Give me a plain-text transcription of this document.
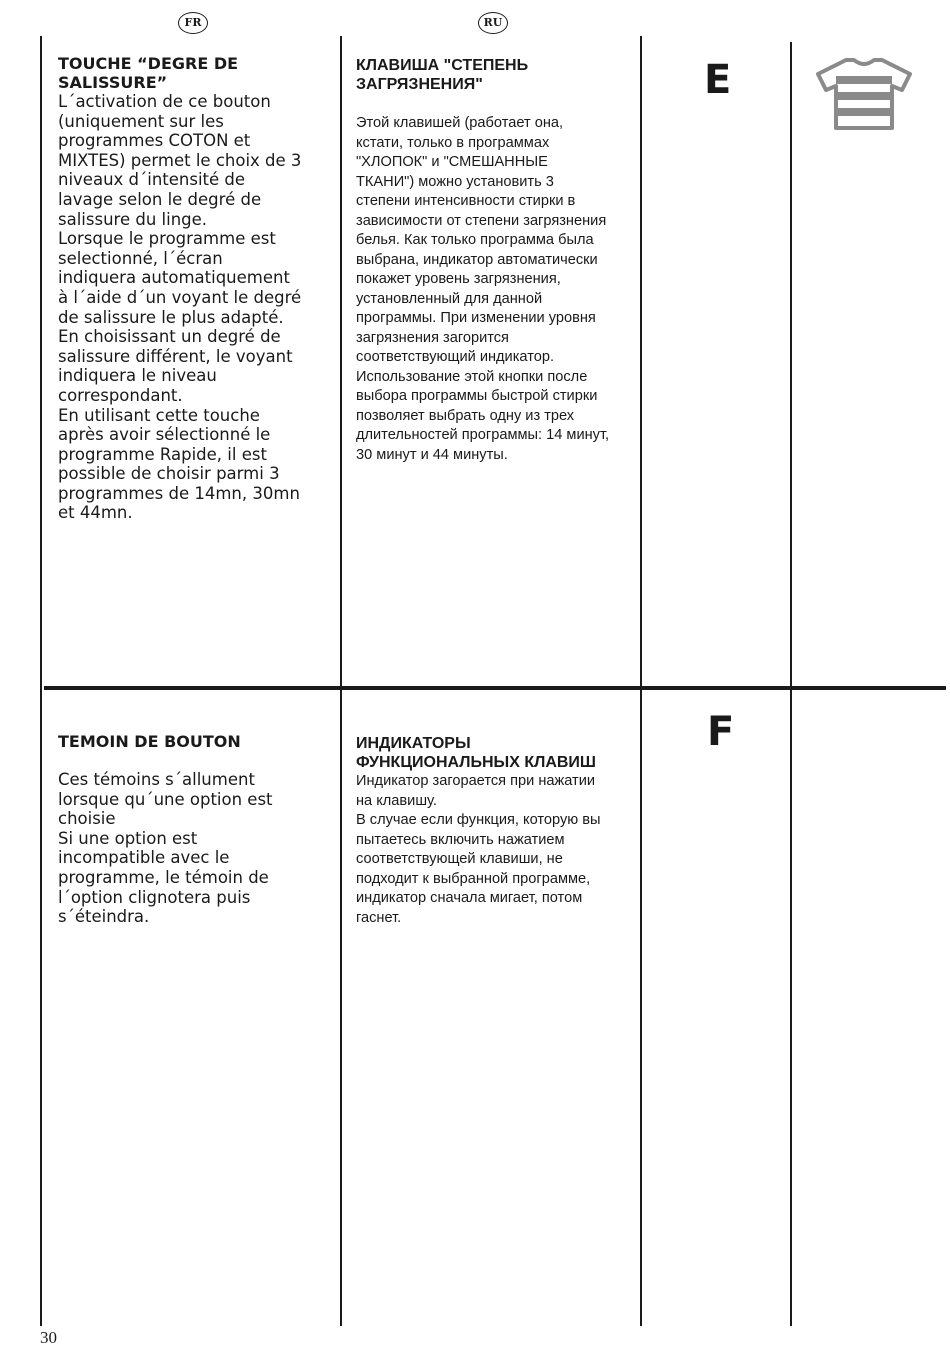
FR	RU

TOUCHE “DEGRE DE
SALISSURE”

L´activation de ce bouton
(uniquement sur les
programmes COTON et
MIXTES) permet le choix de 3
niveaux d´intensité de
lavage selon le degré de
salissure du linge.
Lorsque le programme est
selectionné, l´écran
indiquera automatiquement
à l´aide d´un voyant le degré
de salissure le plus adapté.
En choisissant un degré de
salissure différent, le voyant
indiquera le niveau
correspondant.
En utilisant cette touche
après avoir sélectionné le
programme Rapide, il est
possible de choisir parmi 3
programmes de 14mn, 30mn
et 44mn.

КЛАВИША "СТЕПЕНЬ
ЗАГРЯЗНЕНИЯ"

Этой клавишей (работает она,
кстати, только в программах
"ХЛОПОК" и "СМЕШАННЫЕ
ТКАНИ") можно установить 3
степени интенсивности стирки в
зависимости от степени загрязнения
белья. Как только программа была
выбрана, индикатор автоматически
покажет уровень загрязнения,
установленный для данной
программы. При изменении уровня
загрязнения загорится
соответствующий индикатор.
Использование этой кнопки после
выбора программы быстрой стирки
позволяет выбрать одну из трех
длительностей программы: 14 минут,
30 минут и 44 минуты.

E

TEMOIN DE BOUTON

Ces témoins s´allument
lorsque qu´une option est
choisie
Si une option est
incompatible avec le
programme, le témoin de
l´option clignotera puis
s´éteindra.

ИНДИКАТОРЫ
ФУНКЦИОНАЛЬНЫХ КЛАВИШ

Индикатор загорается при нажатии
на клавишу.
В случае если функция, которую вы
пытаетесь включить нажатием
соответствующей клавиши, не
подходит к выбранной программе,
индикатор сначала мигает, потом
гаснет.

F
30
